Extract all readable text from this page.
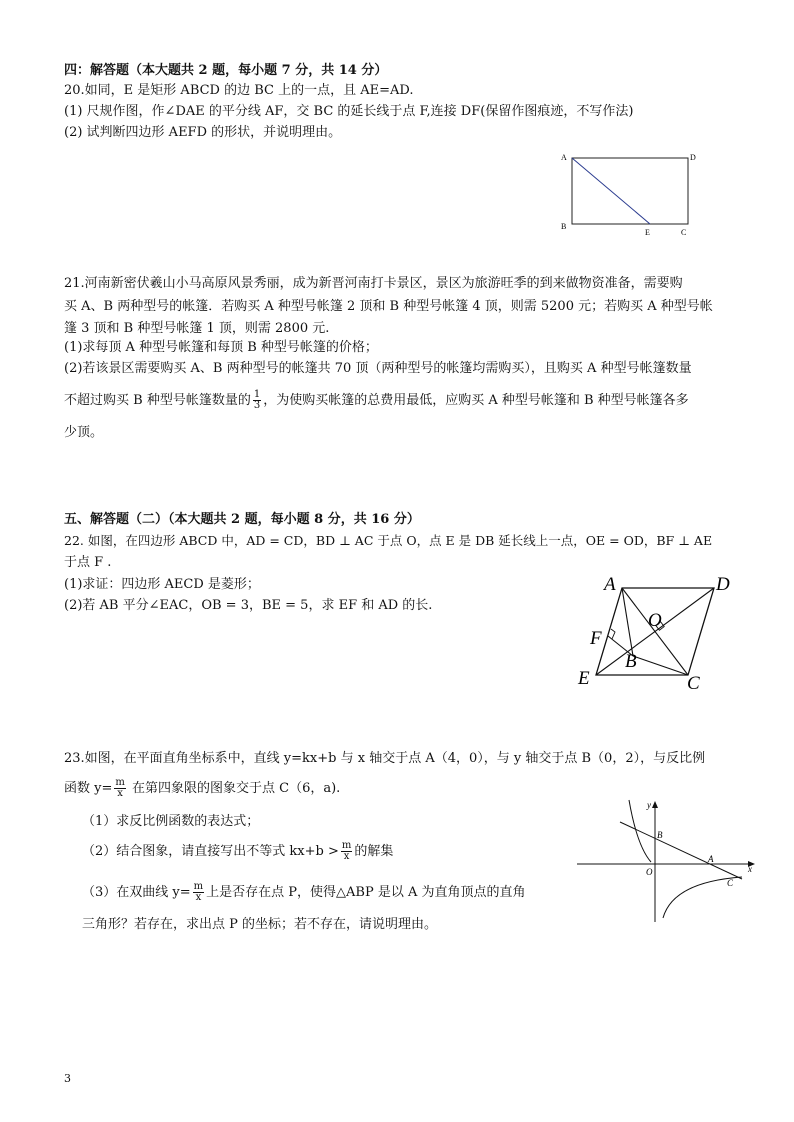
四：解答题（本大题共 2 题，每小题 7 分，共 14 分）
20.如同，E 是矩形 ABCD 的边 BC 上的一点，且 AE=AD.
(1) 尺规作图，作∠DAE 的平分线 AF，交 BC 的延长线于点 F,连接 DF(保留作图痕迹，不写作法)
(2) 试判断四边形 AEFD 的形状，并说明理由。
A	D
B
E	C
21.河南新密伏羲山小马高原风景秀丽，成为新晋河南打卡景区，景区为旅游旺季的到来做物资准备，需要购
买 A、B 两种型号的帐篷．若购买 A 种型号帐篷 2 顶和 B 种型号帐篷 4 顶，则需 5200 元；若购买 A 种型号帐
篷 3 顶和 B 种型号帐篷 1 顶，则需 2800 元.
(1)求每顶 A 种型号帐篷和每顶 B 种型号帐篷的价格；
(2)若该景区需要购买 A、B 两种型号的帐篷共 70 顶（两种型号的帐篷均需购买），且购买 A 种型号帐篷数量
不超过购买 B 种型号帐篷数量的 $\frac{1}{3}$ ，为使购买帐篷的总费用最低，应购买 A 种型号帐篷和 B 种型号帐篷各多
少顶。
五、解答题（二）（本大题共 2 题，每小题 8 分，共 16 分）
22. 如图，在四边形 ABCD 中，AD = CD，BD ⊥ AC 于点 O，点 E 是 DB 延长线上一点，OE = OD，BF ⊥ AE
于点 F .
(1)求证：四边形 AECD 是菱形；
(2)若 AB 平分∠EAC，OB = 3，BE = 5，求 EF 和 AD 的长.
A	D
O
F
B
E	C
23.如图，在平面直角坐标系中，直线 y=kx+b 与 x 轴交于点 A（4，0），与 y 轴交于点 B（0，2），与反比例
函数 $y= \frac{m}{x}$ 在第四象限的图象交于点 C（6，a).
（1）求反比例函数的表达式；
（2）结合图象，请直接写出不等式 $kx+b > \frac{m}{x}$ 的解集
（3）在双曲线 $y= \frac{m}{x}$ 上是否存在点 P，使得△ABP 是以 A 为直角顶点的直角
三角形？若存在，求出点 P 的坐标；若不存在，请说明理由。
y
x
O
B
A
C
3
